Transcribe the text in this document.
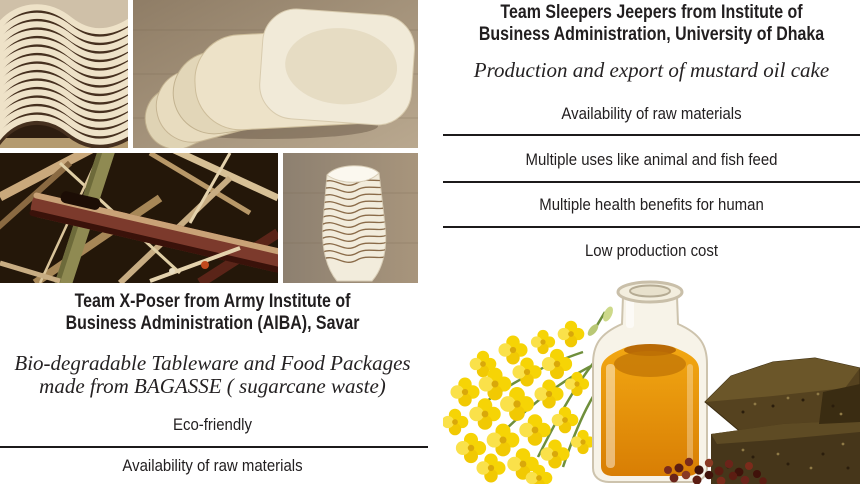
Team X-Poser from Army Institute of
Business Administration (AIBA), Savar
Bio-degradable Tableware and Food Packages
made from BAGASSE ( sugarcane waste)
Eco-friendly
Availability of raw materials
Team Sleepers Jeepers from Institute of
Business Administration, University of Dhaka
Production and export of mustard oil cake
Availability of raw materials
Multiple uses like animal and fish feed
Multiple health benefits for human
Low production cost
